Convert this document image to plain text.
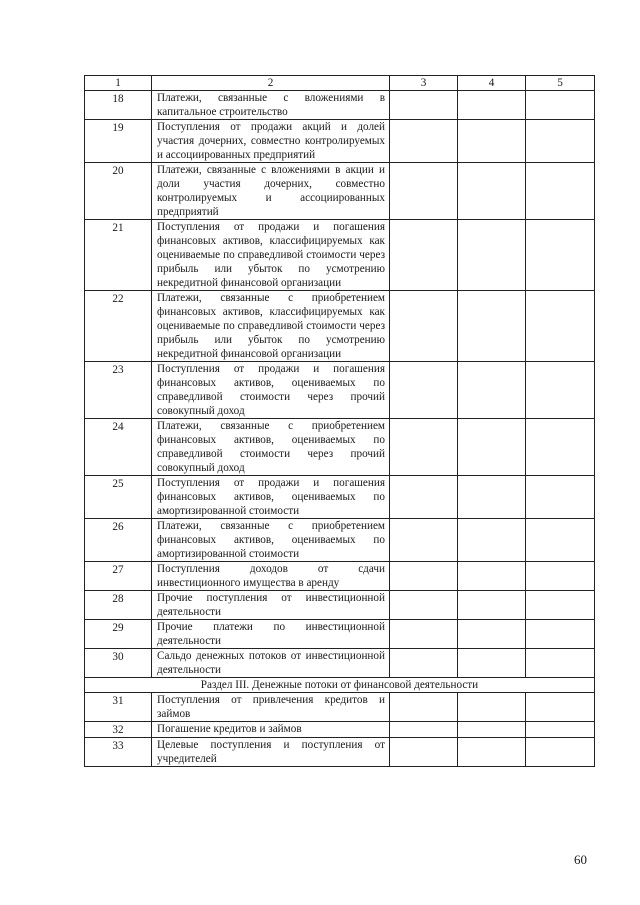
1	2	3	4	5
18	Платежи, связанные с вложениями в капитальное строительство			
19	Поступления от продажи акций и долей участия дочерних, совместно контролируемых и ассоциированных предприятий			
20	Платежи, связанные с вложениями в акции и доли участия дочерних, совместно контролируемых и ассоциированных предприятий			
21	Поступления от продажи и погашения финансовых активов, классифицируемых как оцениваемые по справедливой стоимости через прибыль или убыток по усмотрению некредитной финансовой организации			
22	Платежи, связанные с приобретением финансовых активов, классифицируемых как оцениваемые по справедливой стоимости через прибыль или убыток по усмотрению некредитной финансовой организации			
23	Поступления от продажи и погашения финансовых активов, оцениваемых по справедливой стоимости через прочий совокупный доход			
24	Платежи, связанные с приобретением финансовых активов, оцениваемых по справедливой стоимости через прочий совокупный доход			
25	Поступления от продажи и погашения финансовых активов, оцениваемых по амортизированной стоимости			
26	Платежи, связанные с приобретением финансовых активов, оцениваемых по амортизированной стоимости			
27	Поступления доходов от сдачи инвестиционного имущества в аренду			
28	Прочие поступления от инвестиционной деятельности			
29	Прочие платежи по инвестиционной деятельности			
30	Сальдо денежных потоков от инвестиционной деятельности			
Раздел III. Денежные потоки от финансовой деятельности				
31	Поступления от привлечения кредитов и займов			
32	Погашение кредитов и займов			
33	Целевые поступления и поступления от учредителей			
60
